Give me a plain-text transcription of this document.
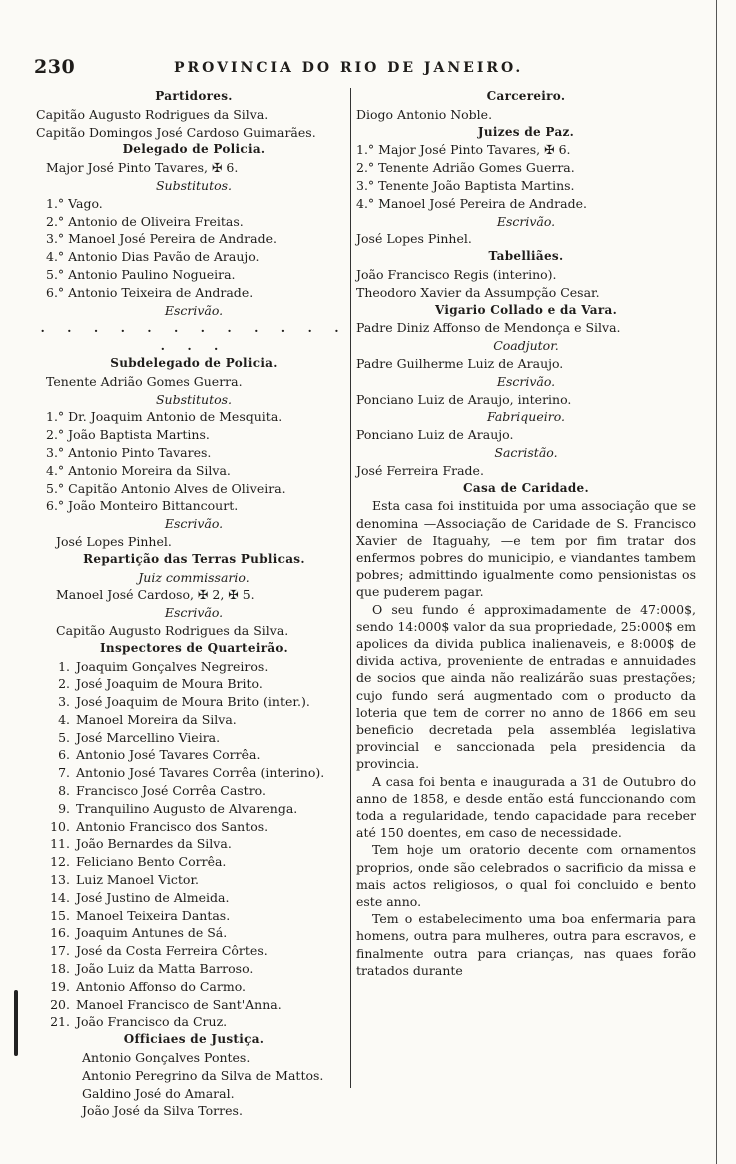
230	PROVINCIA DO RIO DE JANEIRO.
Partidores.
Capitão Augusto Rodrigues da Silva.
Capitão Domingos José Cardoso Guimarães.
Delegado de Policia.
Major José Pinto Tavares, ✠ 6.
Substitutos.
1.° Vago.
2.° Antonio de Oliveira Freitas.
3.° Manoel José Pereira de Andrade.
4.° Antonio Dias Pavão de Araujo.
5.° Antonio Paulino Nogueira.
6.° Antonio Teixeira de Andrade.
Escrivão.
. . . . . . . . . . . . . . .
Subdelegado de Policia.
Tenente Adrião Gomes Guerra.
Substitutos.
1.° Dr. Joaquim Antonio de Mesquita.
2.° João Baptista Martins.
3.° Antonio Pinto Tavares.
4.° Antonio Moreira da Silva.
5.° Capitão Antonio Alves de Oliveira.
6.° João Monteiro Bittancourt.
Escrivão.
José Lopes Pinhel.
Repartição das Terras Publicas.
Juiz commissario.
Manoel José Cardoso, ✠ 2, ✠ 5.
Escrivão.
Capitão Augusto Rodrigues da Silva.
Inspectores de Quarteirão.
1. Joaquim Gonçalves Negreiros.
2. José Joaquim de Moura Brito.
3. José Joaquim de Moura Brito (inter.).
4. Manoel Moreira da Silva.
5. José Marcellino Vieira.
6. Antonio José Tavares Corrêa.
7. Antonio José Tavares Corrêa (interino).
8. Francisco José Corrêa Castro.
9. Tranquilino Augusto de Alvarenga.
10. Antonio Francisco dos Santos.
11. João Bernardes da Silva.
12. Feliciano Bento Corrêa.
13. Luiz Manoel Victor.
14. José Justino de Almeida.
15. Manoel Teixeira Dantas.
16. Joaquim Antunes de Sá.
17. José da Costa Ferreira Côrtes.
18. João Luiz da Matta Barroso.
19. Antonio Affonso do Carmo.
20. Manoel Francisco de Sant'Anna.
21. João Francisco da Cruz.
Officiaes de Justiça.
Antonio Gonçalves Pontes.
Antonio Peregrino da Silva de Mattos.
Galdino José do Amaral.
João José da Silva Torres.
Carcereiro.
Diogo Antonio Noble.
Juizes de Paz.
1.° Major José Pinto Tavares, ✠ 6.
2.° Tenente Adrião Gomes Guerra.
3.° Tenente João Baptista Martins.
4.° Manoel José Pereira de Andrade.
Escrivão.
José Lopes Pinhel.
Tabelliães.
João Francisco Regis (interino).
Theodoro Xavier da Assumpção Cesar.
Vigario Collado e da Vara.
Padre Diniz Affonso de Mendonça e Silva.
Coadjutor.
Padre Guilherme Luiz de Araujo.
Escrivão.
Ponciano Luiz de Araujo, interino.
Fabriqueiro.
Ponciano Luiz de Araujo.
Sacristão.
José Ferreira Frade.
Casa de Caridade.

Esta casa foi instituida por uma associação que se denomina —Associação de Caridade de S. Francisco Xavier de Itaguahy, —e tem por fim tratar dos enfermos pobres do municipio, e viandantes tambem pobres; admittindo igualmente como pensionistas os que puderem pagar.

O seu fundo é approximadamente de 47:000$, sendo 14:000$ valor da sua propriedade, 25:000$ em apolices da divida publica inalienaveis, e 8:000$ de divida activa, proveniente de entradas e annuidades de socios que ainda não realizárão suas prestações; cujo fundo será augmentado com o producto da loteria que tem de correr no anno de 1866 em seu beneficio decretada pela assembléa legislativa provincial e sanccionada pela presidencia da provincia.

A casa foi benta e inaugurada a 31 de Outubro do anno de 1858, e desde então está funccionando com toda a regularidade, tendo capacidade para receber até 150 doentes, em caso de necessidade.

Tem hoje um oratorio decente com ornamentos proprios, onde são celebrados o sacrificio da missa e mais actos religiosos, o qual foi concluido e bento este anno.

Tem o estabelecimento uma boa enfermaria para homens, outra para mulheres, outra para escravos, e finalmente outra para crianças, nas quaes forão tratados durante
